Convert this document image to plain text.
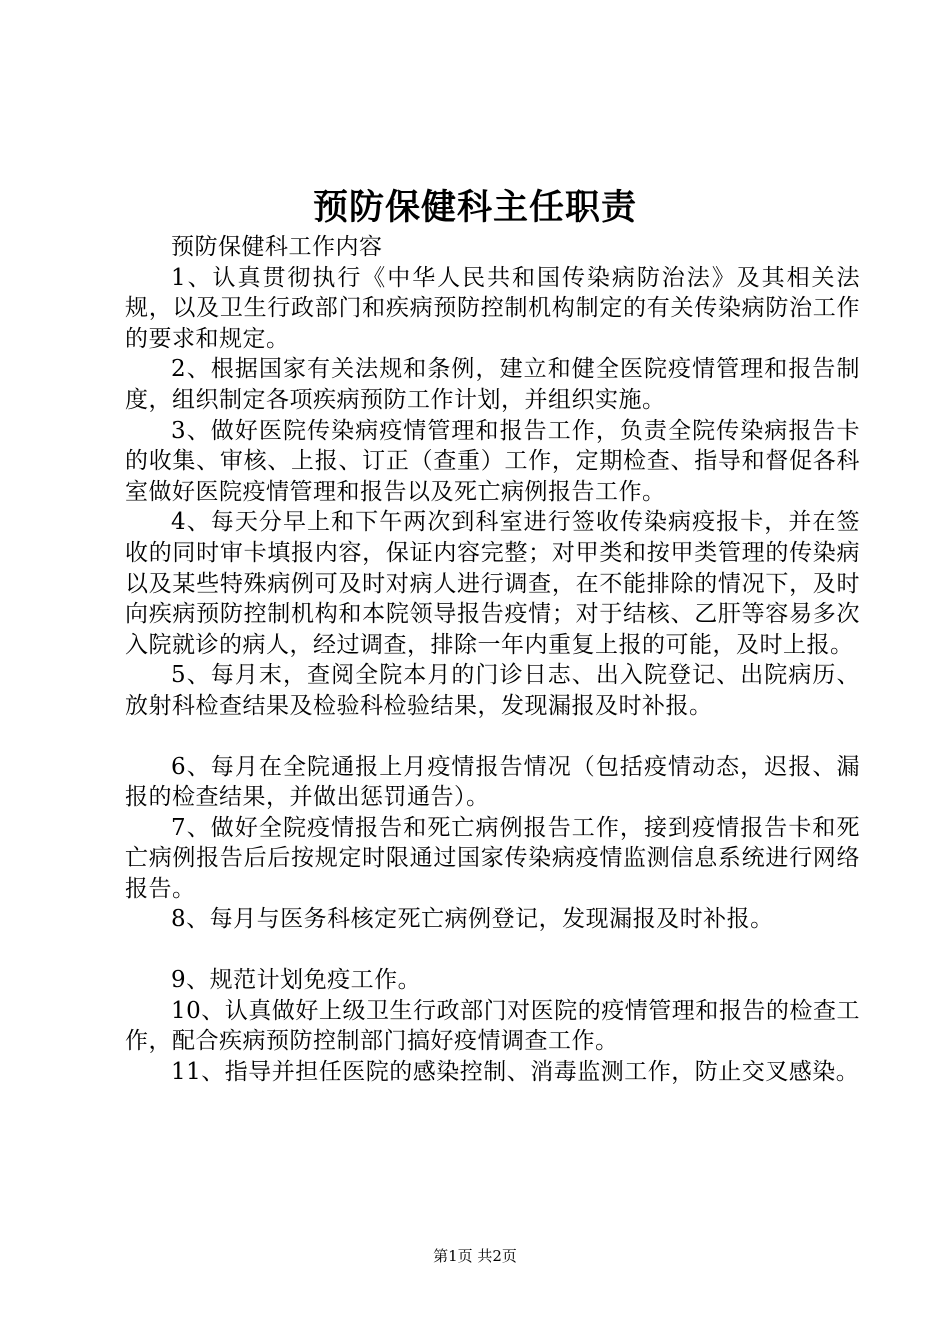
预防保健科主任职责

预防保健科工作内容

1、认真贯彻执行《中华人民共和国传染病防治法》及其相关法规，以及卫生行政部门和疾病预防控制机构制定的有关传染病防治工作的要求和规定。

2、根据国家有关法规和条例，建立和健全医院疫情管理和报告制度，组织制定各项疾病预防工作计划，并组织实施。

3、做好医院传染病疫情管理和报告工作，负责全院传染病报告卡的收集、审核、上报、订正（查重）工作，定期检查、指导和督促各科室做好医院疫情管理和报告以及死亡病例报告工作。

4、每天分早上和下午两次到科室进行签收传染病疫报卡，并在签收的同时审卡填报内容，保证内容完整；对甲类和按甲类管理的传染病以及某些特殊病例可及时对病人进行调查，在不能排除的情况下，及时向疾病预防控制机构和本院领导报告疫情；对于结核、乙肝等容易多次入院就诊的病人，经过调查，排除一年内重复上报的可能，及时上报。

5、每月末，查阅全院本月的门诊日志、出入院登记、出院病历、放射科检查结果及检验科检验结果，发现漏报及时补报。

6、每月在全院通报上月疫情报告情况（包括疫情动态，迟报、漏报的检查结果，并做出惩罚通告）。

7、做好全院疫情报告和死亡病例报告工作，接到疫情报告卡和死亡病例报告后后按规定时限通过国家传染病疫情监测信息系统进行网络报告。

8、每月与医务科核定死亡病例登记，发现漏报及时补报。

9、规范计划免疫工作。

10、认真做好上级卫生行政部门对医院的疫情管理和报告的检查工作，配合疾病预防控制部门搞好疫情调查工作。

11、指导并担任医院的感染控制、消毒监测工作，防止交叉感染。

第1页 共2页
